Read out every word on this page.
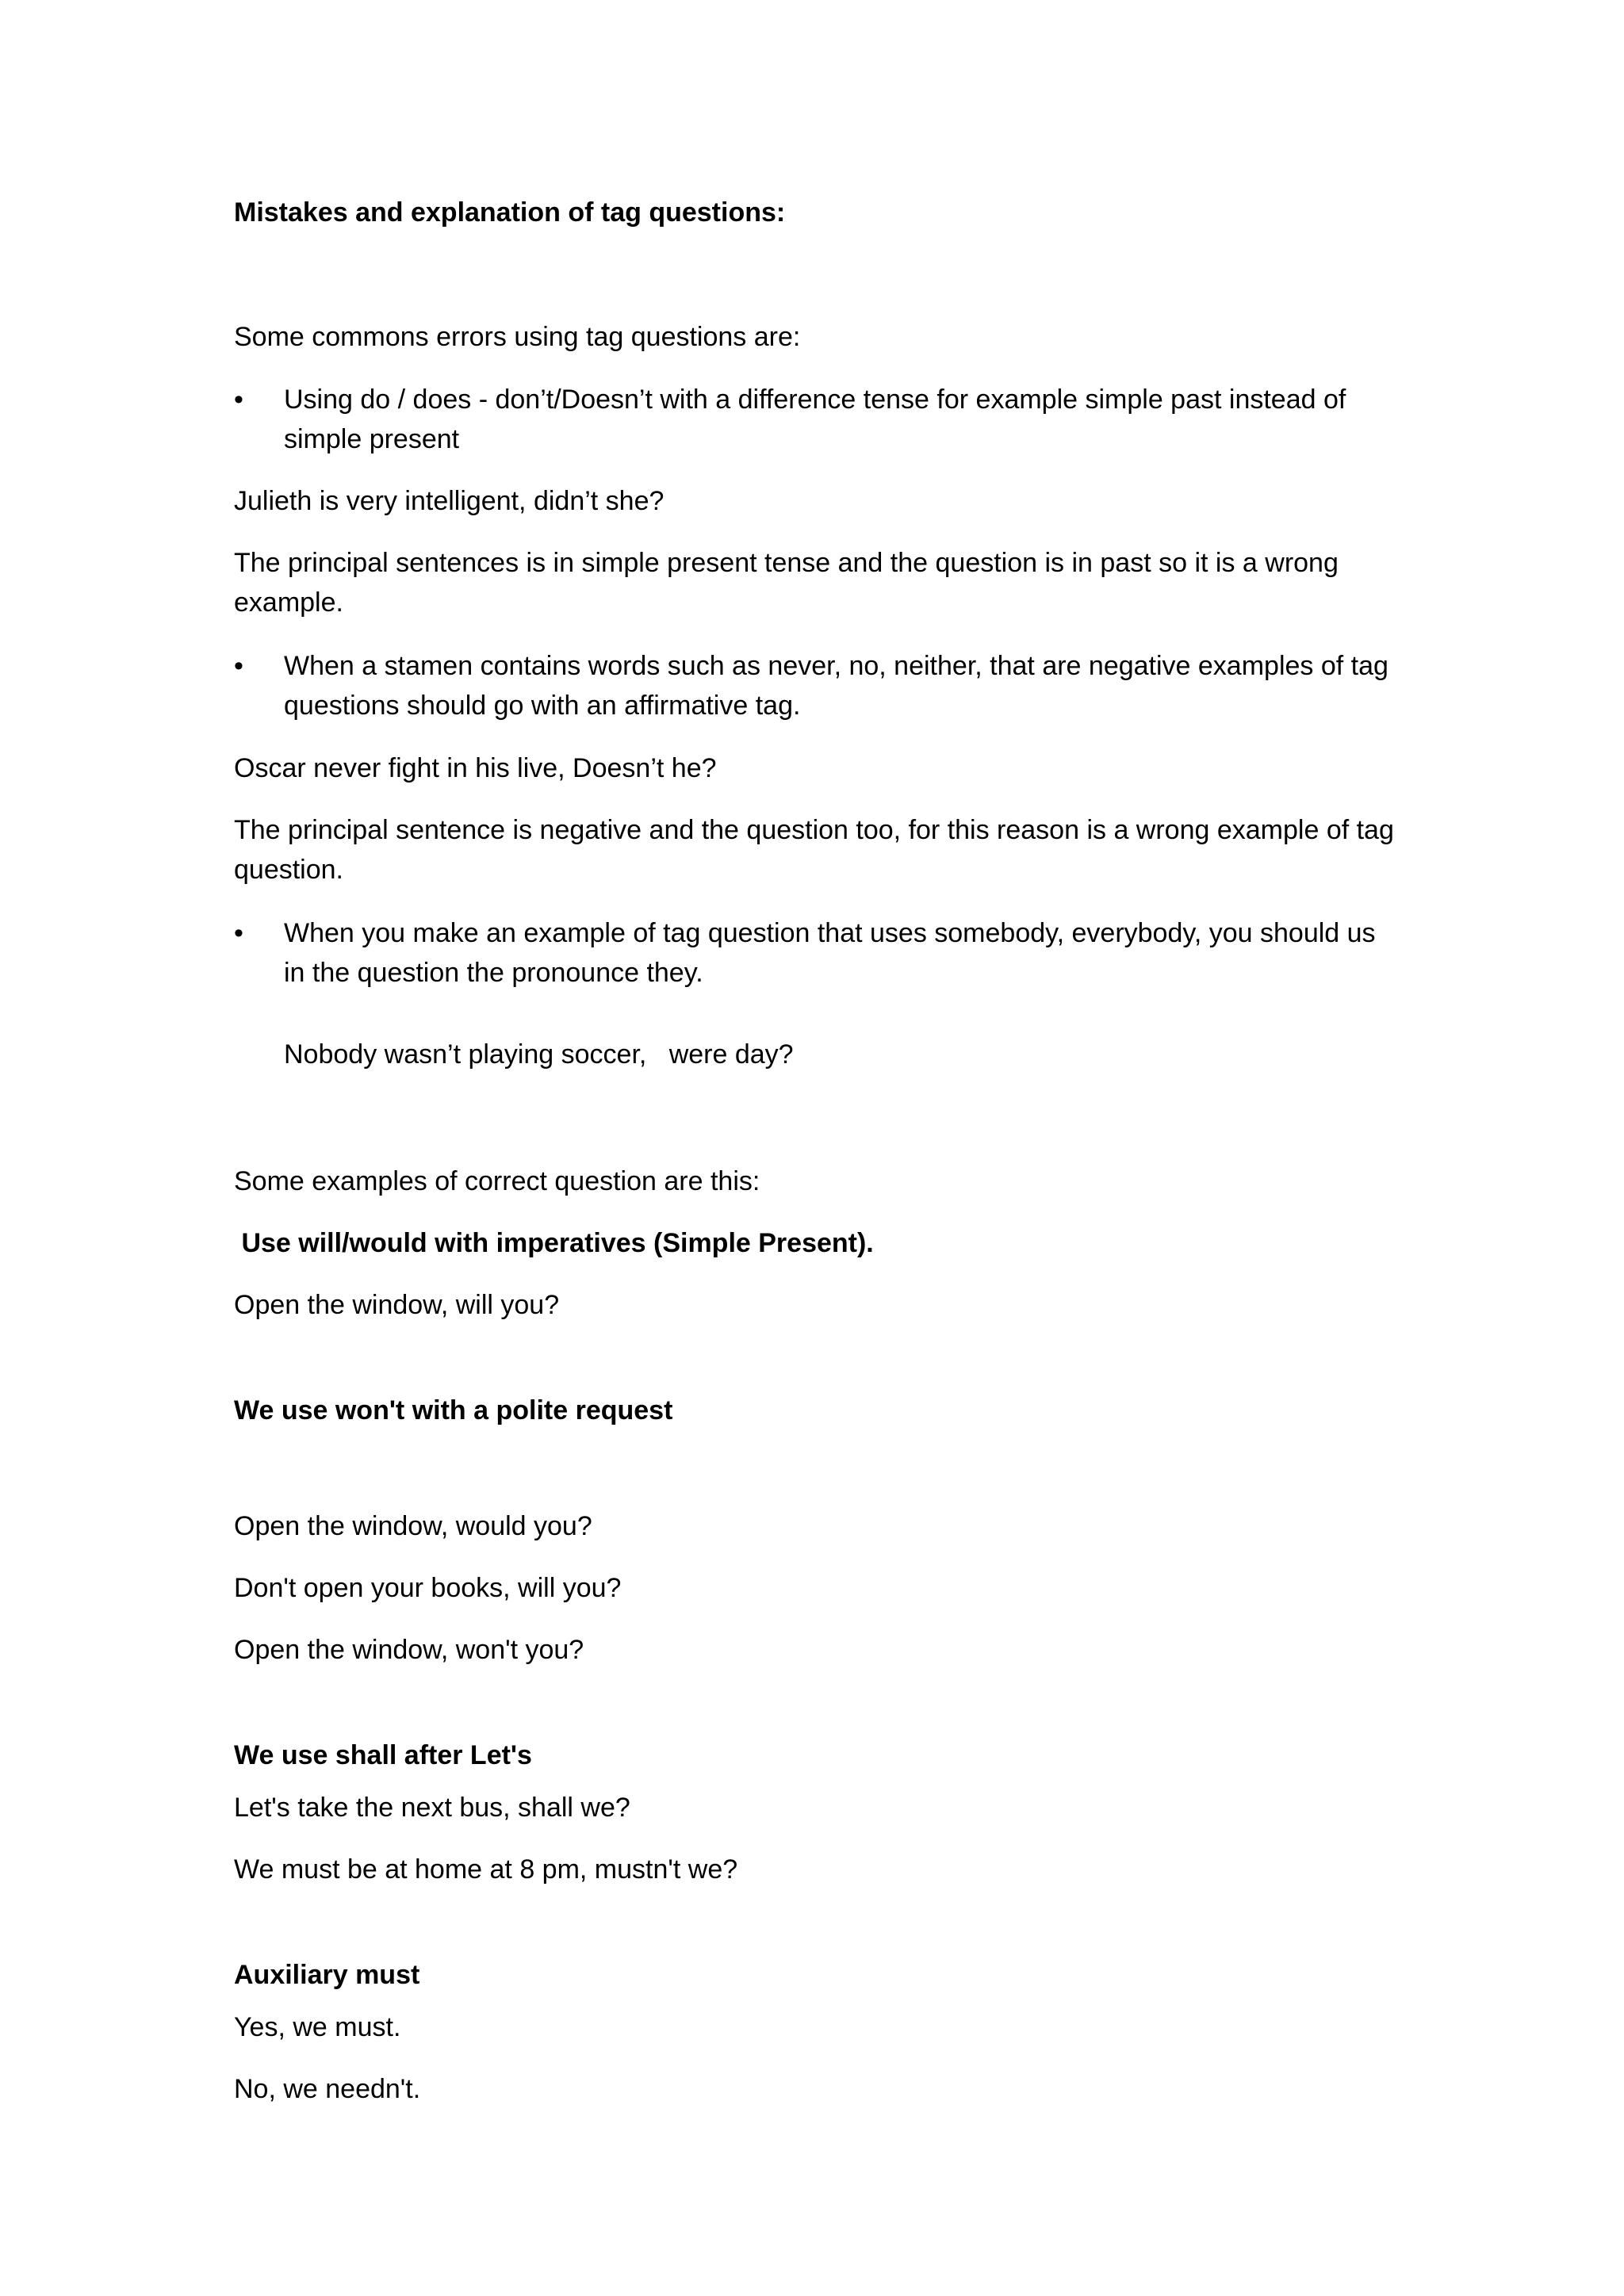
Mistakes and explanation of tag questions:
Some commons errors using tag questions are:
•	Using do / does - don’t/Doesn’t with a difference tense for example simple past instead of simple present
Julieth is very intelligent, didn’t she?
The principal sentences is in simple present tense and the question is in past so it is a wrong example.
•	When a stamen contains words such as never, no, neither, that are negative examples of tag questions should go with an affirmative tag.
Oscar never fight in his live, Doesn’t he?
The principal sentence is negative and the question too, for this reason is a wrong example of tag question.
•	When you make an example of tag question that uses somebody, everybody, you should us in the question the pronounce they.
Nobody wasn’t playing soccer,   were day?
Some examples of correct question are this:
Use will/would with imperatives (Simple Present).
Open the window, will you?
We use won't with a polite request
Open the window, would you?
Don't open your books, will you?
Open the window, won't you?
We use shall after Let's
Let's take the next bus, shall we?
We must be at home at 8 pm, mustn't we?
Auxiliary must
Yes, we must.
No, we needn't.
